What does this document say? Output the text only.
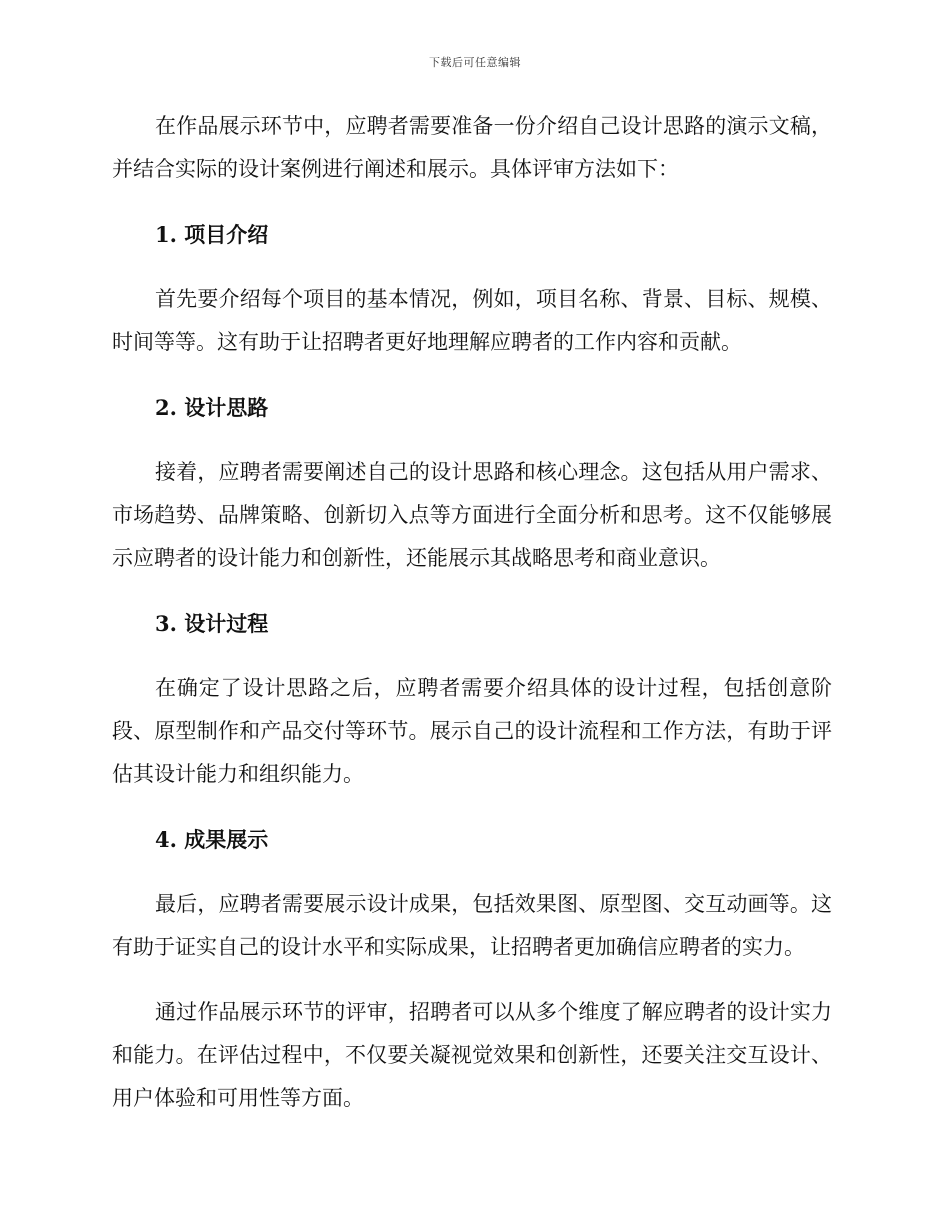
下载后可任意编辑

在作品展示环节中，应聘者需要准备一份介绍自己设计思路的演示文稿，并结合实际的设计案例进行阐述和展示。具体评审方法如下：

1. 项目介绍

首先要介绍每个项目的基本情况，例如，项目名称、背景、目标、规模、时间等等。这有助于让招聘者更好地理解应聘者的工作内容和贡献。

2. 设计思路

接着，应聘者需要阐述自己的设计思路和核心理念。这包括从用户需求、市场趋势、品牌策略、创新切入点等方面进行全面分析和思考。这不仅能够展示应聘者的设计能力和创新性，还能展示其战略思考和商业意识。

3. 设计过程

在确定了设计思路之后，应聘者需要介绍具体的设计过程，包括创意阶段、原型制作和产品交付等环节。展示自己的设计流程和工作方法，有助于评估其设计能力和组织能力。

4. 成果展示

最后，应聘者需要展示设计成果，包括效果图、原型图、交互动画等。这有助于证实自己的设计水平和实际成果，让招聘者更加确信应聘者的实力。

通过作品展示环节的评审，招聘者可以从多个维度了解应聘者的设计实力和能力。在评估过程中，不仅要关凝视觉效果和创新性，还要关注交互设计、用户体验和可用性等方面。
